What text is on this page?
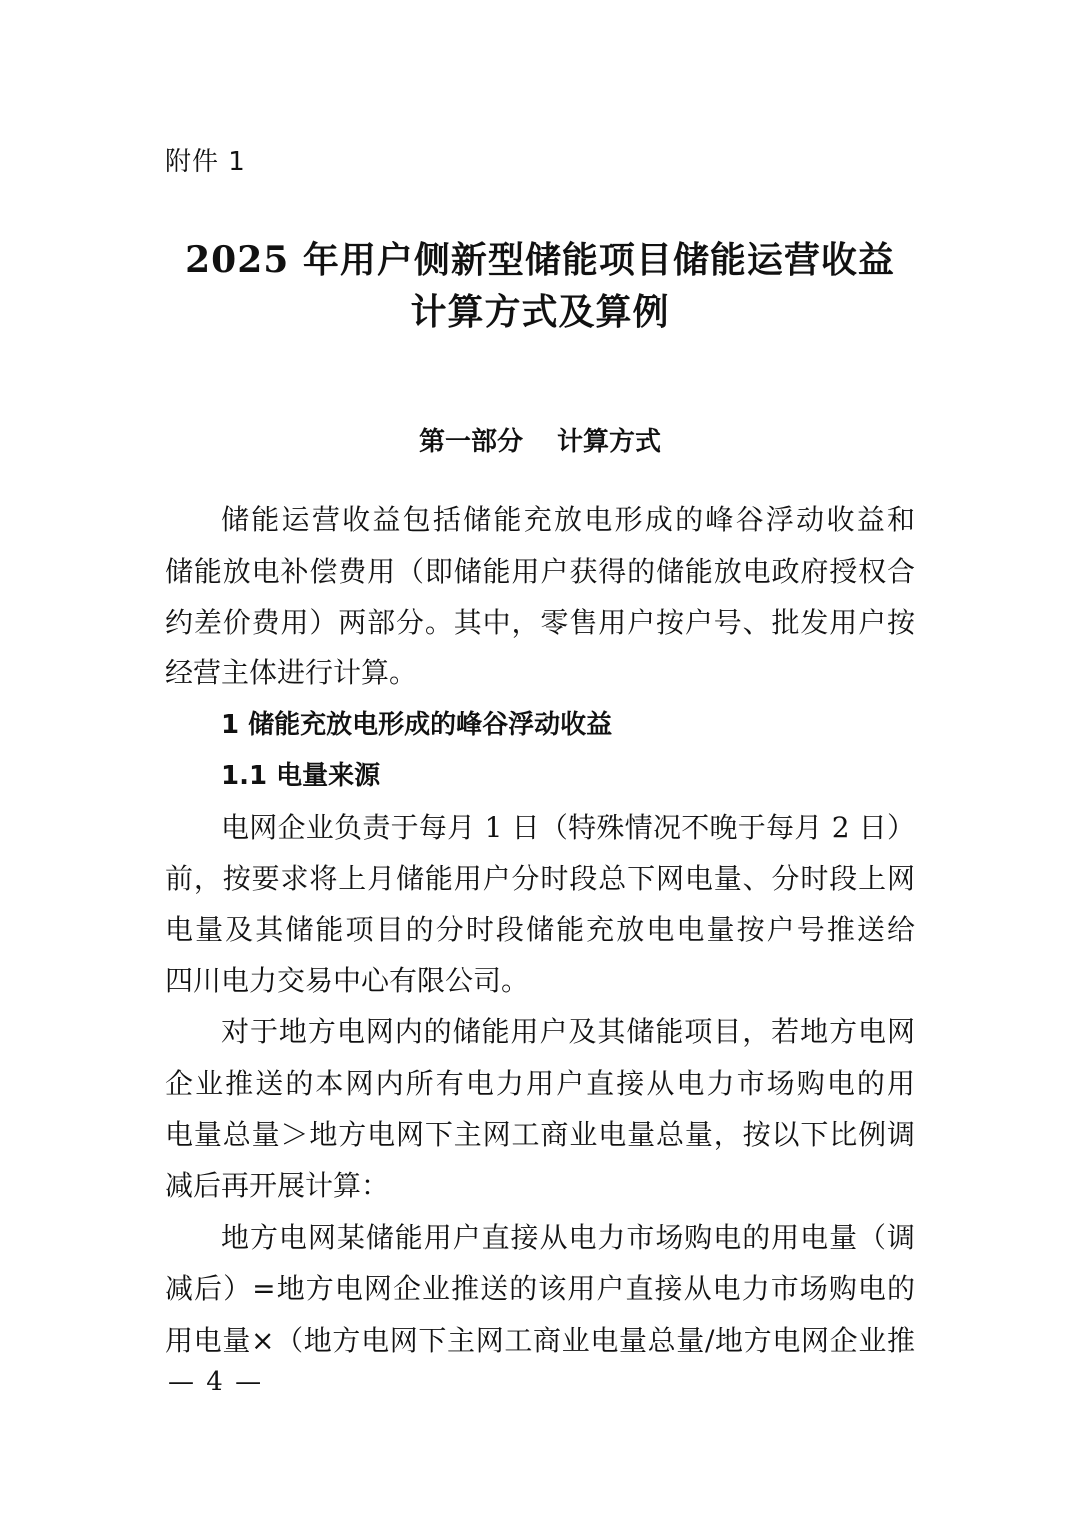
附件 1
2025 年用户侧新型储能项目储能运营收益
计算方式及算例
第一部分 计算方式
储能运营收益包括储能充放电形成的峰谷浮动收益和
储能放电补偿费用（即储能用户获得的储能放电政府授权合
约差价费用）两部分。其中，零售用户按户号、批发用户按
经营主体进行计算。
1 储能充放电形成的峰谷浮动收益
1.1 电量来源
电网企业负责于每月 1 日（特殊情况不晚于每月 2 日）
前，按要求将上月储能用户分时段总下网电量、分时段上网
电量及其储能项目的分时段储能充放电电量按户号推送给
四川电力交易中心有限公司。
对于地方电网内的储能用户及其储能项目，若地方电网
企业推送的本网内所有电力用户直接从电力市场购电的用
电量总量＞地方电网下主网工商业电量总量，按以下比例调
减后再开展计算：
地方电网某储能用户直接从电力市场购电的用电量（调
减后）=地方电网企业推送的该用户直接从电力市场购电的
用电量×（地方电网下主网工商业电量总量/地方电网企业推
— 4 —
